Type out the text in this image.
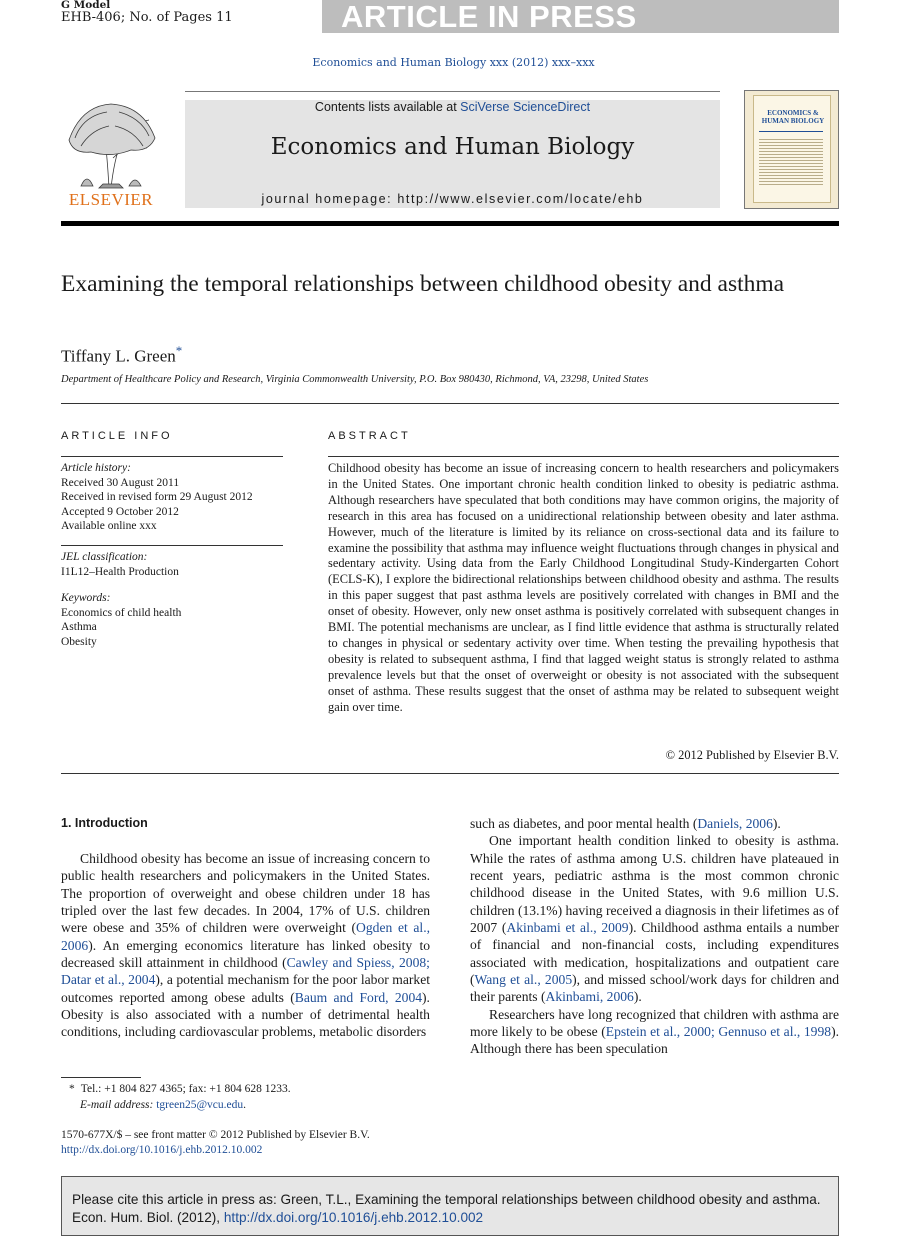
G Model
EHB-406; No. of Pages 11	ARTICLE IN PRESS
Economics and Human Biology xxx (2012) xxx–xxx
ELSEVIER
Contents lists available at SciVerse ScienceDirect
Economics and Human Biology
journal homepage: http://www.elsevier.com/locate/ehb
ECONOMICS & HUMAN BIOLOGY
Examining the temporal relationships between childhood obesity and asthma
Tiffany L. Green*
Department of Healthcare Policy and Research, Virginia Commonwealth University, P.O. Box 980430, Richmond, VA, 23298, United States
ARTICLE INFO	ABSTRACT
Article history:
Received 30 August 2011
Received in revised form 29 August 2012
Accepted 9 October 2012
Available online xxx
JEL classification:
I1L12–Health Production
Keywords:
Economics of child health
Asthma
Obesity
Childhood obesity has become an issue of increasing concern to health researchers and policymakers in the United States. One important chronic health condition linked to obesity is pediatric asthma. Although researchers have speculated that both conditions may have common origins, the majority of research in this area has focused on a unidirectional relationship between obesity and later asthma. However, much of the literature is limited by its reliance on cross-sectional data and its failure to examine the possibility that asthma may influence weight fluctuations through changes in physical and sedentary activity. Using data from the Early Childhood Longitudinal Study-Kindergarten Cohort (ECLS-K), I explore the bidirectional relationships between childhood obesity and asthma. The results in this paper suggest that past asthma levels are positively correlated with changes in BMI and the onset of obesity. However, only new onset asthma is positively correlated with subsequent changes in BMI. The potential mechanisms are unclear, as I find little evidence that asthma is structurally related to changes in physical or sedentary activity over time. When testing the prevailing hypothesis that obesity is related to subsequent asthma, I find that lagged weight status is strongly related to asthma prevalence levels but that the onset of overweight or obesity is not associated with the subsequent onset of asthma. These results suggest that the onset of asthma may be related to subsequent weight gain over time.
© 2012 Published by Elsevier B.V.
1. Introduction

Childhood obesity has become an issue of increasing concern to public health researchers and policymakers in the United States. The proportion of overweight and obese children under 18 has tripled over the last few decades. In 2004, 17% of U.S. children were obese and 35% of children were overweight (Ogden et al., 2006). An emerging economics literature has linked obesity to decreased skill attainment in childhood (Cawley and Spiess, 2008; Datar et al., 2004), a potential mechanism for the poor labor market outcomes reported among obese adults (Baum and Ford, 2004). Obesity is also associated with a number of detrimental health conditions, including cardiovascular problems, metabolic disorders

such as diabetes, and poor mental health (Daniels, 2006).

One important health condition linked to obesity is asthma. While the rates of asthma among U.S. children have plateaued in recent years, pediatric asthma is the most common chronic childhood disease in the United States, with 9.6 million U.S. children (13.1%) having received a diagnosis in their lifetimes as of 2007 (Akinbami et al., 2009). Childhood asthma entails a number of financial and non-financial costs, including expenditures associated with medication, hospitalizations and outpatient care (Wang et al., 2005), and missed school/work days for children and their parents (Akinbami, 2006).

Researchers have long recognized that children with asthma are more likely to be obese (Epstein et al., 2000; Gennuso et al., 1998). Although there has been speculation

* Tel.: +1 804 827 4365; fax: +1 804 628 1233.
E-mail address: tgreen25@vcu.edu.
1570-677X/$ – see front matter © 2012 Published by Elsevier B.V.
http://dx.doi.org/10.1016/j.ehb.2012.10.002
Please cite this article in press as: Green, T.L., Examining the temporal relationships between childhood obesity and asthma. Econ. Hum. Biol. (2012), http://dx.doi.org/10.1016/j.ehb.2012.10.002
